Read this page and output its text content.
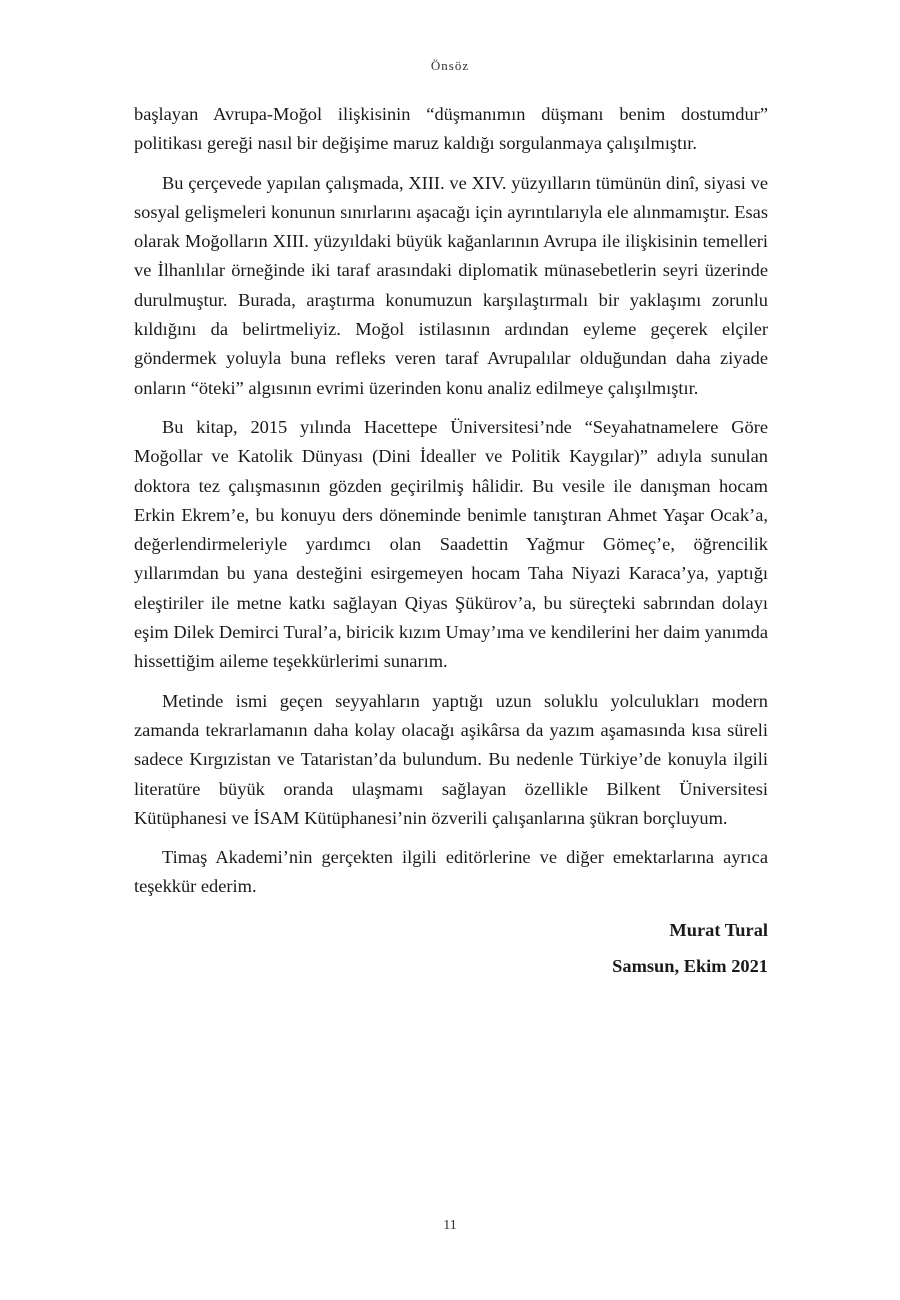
Önsöz

başlayan Avrupa-Moğol ilişkisinin “düşmanımın düşmanı benim dostumdur” politikası gereği nasıl bir değişime maruz kaldığı sorgulanmaya çalışılmıştır.

Bu çerçevede yapılan çalışmada, XIII. ve XIV. yüzyılların tümünün dinî, siyasi ve sosyal gelişmeleri konunun sınırlarını aşacağı için ayrıntılarıyla ele alınmamıştır. Esas olarak Moğolların XIII. yüzyıldaki büyük kağanlarının Avrupa ile ilişkisinin temelleri ve İlhanlılar örneğinde iki taraf arasındaki diplomatik münasebetlerin seyri üzerinde durulmuştur. Burada, araştırma konumuzun karşılaştırmalı bir yaklaşımı zorunlu kıldığını da belirtmeliyiz. Moğol istilasının ardından eyleme geçerek elçiler göndermek yoluyla buna refleks veren taraf Avrupalılar olduğundan daha ziyade onların “öteki” algısının evrimi üzerinden konu analiz edilmeye çalışılmıştır.

Bu kitap, 2015 yılında Hacettepe Üniversitesi’nde “Seyahatnamelere Göre Moğollar ve Katolik Dünyası (Dini İdealler ve Politik Kaygılar)” adıyla sunulan doktora tez çalışmasının gözden geçirilmiş hâlidir. Bu vesile ile danışman hocam Erkin Ekrem’e, bu konuyu ders döneminde benimle tanıştıran Ahmet Yaşar Ocak’a, değerlendirmeleriyle yardımcı olan Saadettin Yağmur Gömeç’e, öğrencilik yıllarımdan bu yana desteğini esirgemeyen hocam Taha Niyazi Karaca’ya, yaptığı eleştiriler ile metne katkı sağlayan Qiyas Şükürov’a, bu süreçteki sabrından dolayı eşim Dilek Demirci Tural’a, biricik kızım Umay’ıma ve kendilerini her daim yanımda hissettiğim aileme teşekkürlerimi sunarım.

Metinde ismi geçen seyyahların yaptığı uzun soluklu yolculukları modern zamanda tekrarlamanın daha kolay olacağı aşikârsa da yazım aşamasında kısa süreli sadece Kırgızistan ve Tataristan’da bulundum. Bu nedenle Türkiye’de konuyla ilgili literatüre büyük oranda ulaşmamı sağlayan özellikle Bilkent Üniversitesi Kütüphanesi ve İSAM Kütüphanesi’nin özverili çalışanlarına şükran borçluyum.

Timaş Akademi’nin gerçekten ilgili editörlerine ve diğer emektarlarına ayrıca teşekkür ederim.

Murat Tural
Samsun, Ekim 2021
11
